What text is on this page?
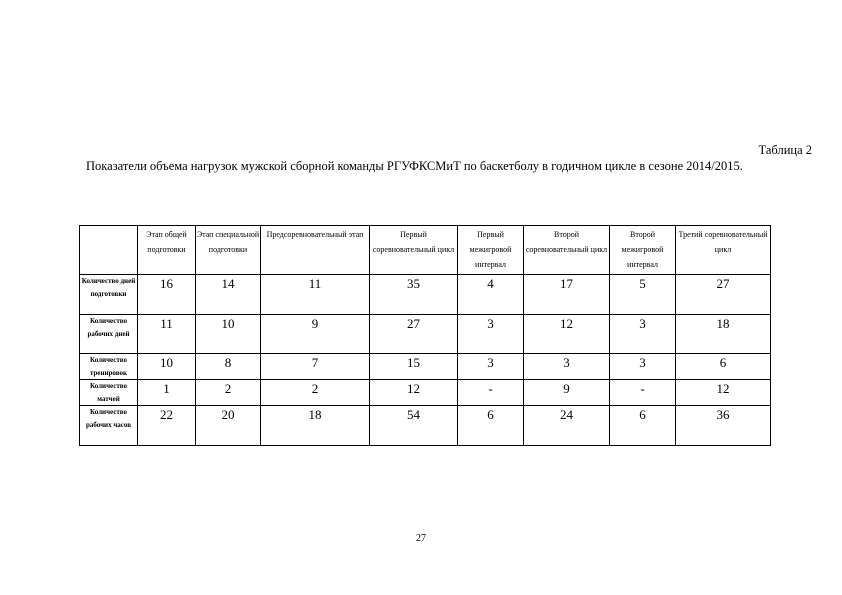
Таблица 2
Показатели объема нагрузок мужской сборной команды РГУФКСМиТ по баскетболу в годичном цикле в сезоне 2014/2015.
	Этап общей подготовки	Этап специальной подготовки	Предсоревновательный этап	Первый соревновательный цикл	Первый межигровой интервал	Второй соревновательный цикл	Второй межигровой интервал	Третий соревновательный цикл
Количество дней подготовки	16	14	11	35	4	17	5	27
Количество рабочих дней	11	10	9	27	3	12	3	18
Количество тренировок	10	8	7	15	3	3	3	6
Количество матчей	1	2	2	12	-	9	-	12
Количество рабочих часов	22	20	18	54	6	24	6	36
27
